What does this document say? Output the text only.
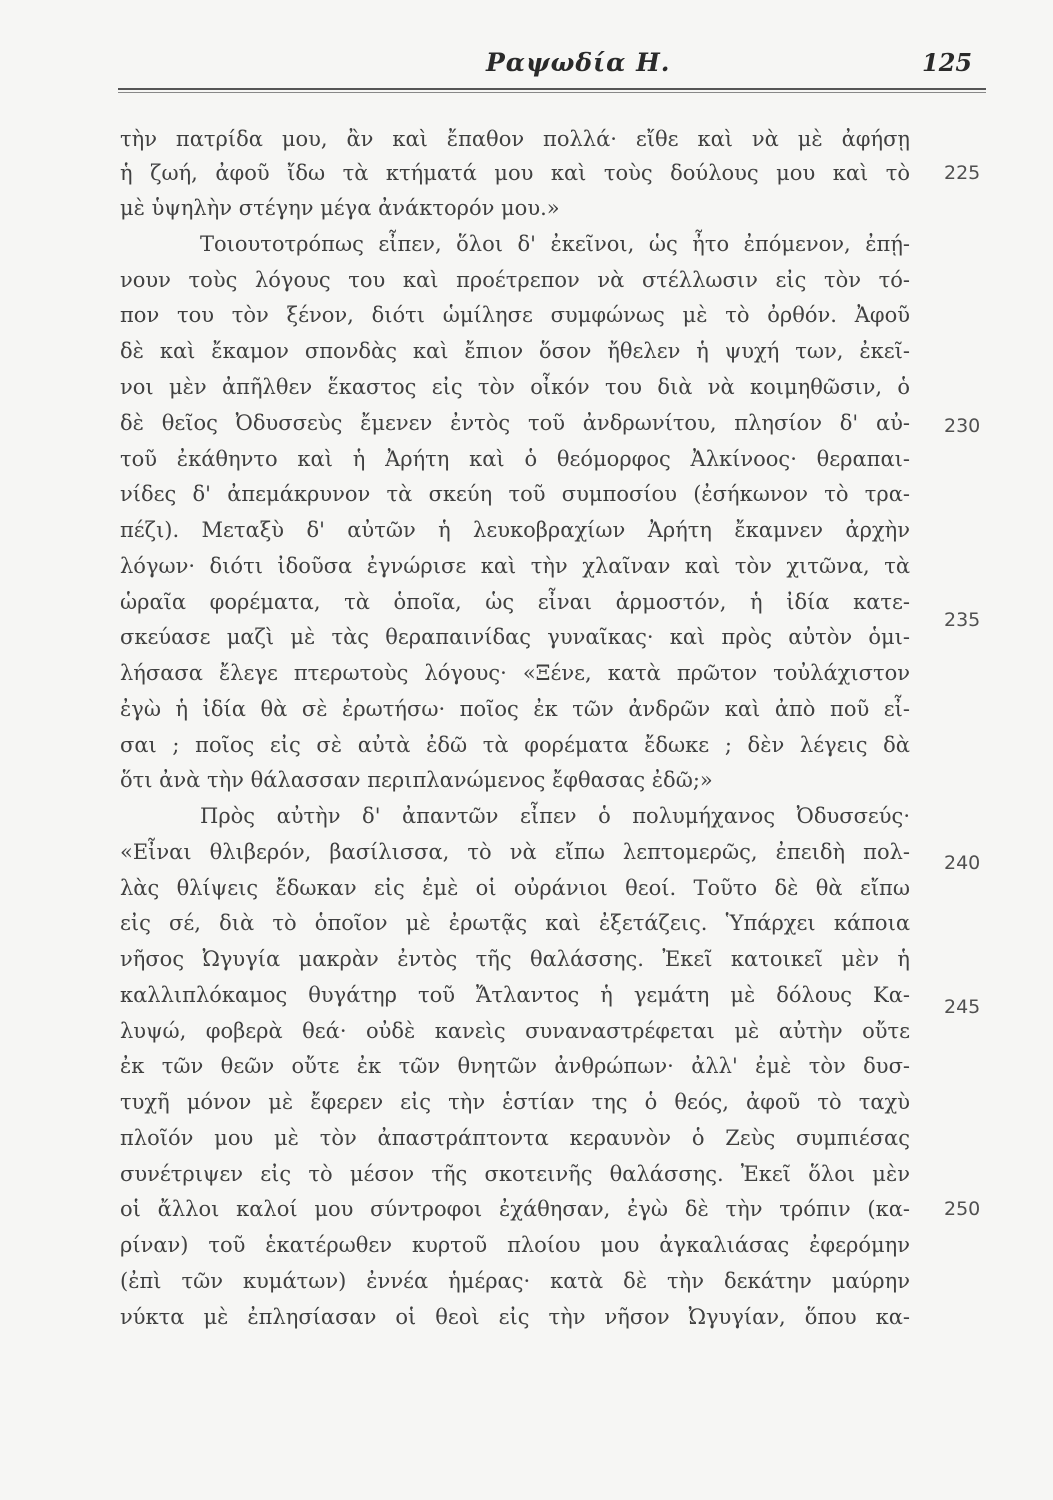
Ραψωδία Η.	125
τὴν πατρίδα μου, ἂν καὶ ἔπαθον πολλά· εἴθε καὶ νὰ μὲ ἀφήσῃ
ἡ ζωή, ἀφοῦ ἴδω τὰ κτήματά μου καὶ τοὺς δούλους μου καὶ τὸ
μὲ ὑψηλὴν στέγην μέγα ἀνάκτορόν μου.»
Τοιουτοτρόπως εἶπεν, ὅλοι δ' ἐκεῖνοι, ὡς ἦτο ἐπόμενον, ἐπῄ-
νουν τοὺς λόγους του καὶ προέτρεπον νὰ στέλλωσιν εἰς τὸν τό-
πον του τὸν ξένον, διότι ὡμίλησε συμφώνως μὲ τὸ ὀρθόν. Ἀφοῦ
δὲ καὶ ἔκαμον σπονδὰς καὶ ἔπιον ὅσον ἤθελεν ἡ ψυχή των, ἐκεῖ-
νοι μὲν ἀπῆλθεν ἕκαστος εἰς τὸν οἶκόν του διὰ νὰ κοιμηθῶσιν, ὁ
δὲ θεῖος Ὀδυσσεὺς ἔμενεν ἐντὸς τοῦ ἀνδρωνίτου, πλησίον δ' αὐ-
τοῦ ἐκάθηντο καὶ ἡ Ἀρήτη καὶ ὁ θεόμορφος Ἀλκίνοος· θεραπαι-
νίδες δ' ἀπεμάκρυνον τὰ σκεύη τοῦ συμποσίου (ἐσήκωνον τὸ τρα-
πέζι). Μεταξὺ δ' αὐτῶν ἡ λευκοβραχίων Ἀρήτη ἔκαμνεν ἀρχὴν
λόγων· διότι ἰδοῦσα ἐγνώρισε καὶ τὴν χλαῖναν καὶ τὸν χιτῶνα, τὰ
ὡραῖα φορέματα, τὰ ὁποῖα, ὡς εἶναι ἁρμοστόν, ἡ ἰδία κατε-
σκεύασε μαζὶ μὲ τὰς θεραπαινίδας γυναῖκας· καὶ πρὸς αὐτὸν ὁμι-
λήσασα ἔλεγε πτερωτοὺς λόγους· «Ξένε, κατὰ πρῶτον τοὐλάχιστον
ἐγὼ ἡ ἰδία θὰ σὲ ἐρωτήσω· ποῖος ἐκ τῶν ἀνδρῶν καὶ ἀπὸ ποῦ εἶ-
σαι ; ποῖος εἰς σὲ αὐτὰ ἐδῶ τὰ φορέματα ἔδωκε ; δὲν λέγεις δὰ
ὅτι ἀνὰ τὴν θάλασσαν περιπλανώμενος ἔφθασας ἐδῶ;»
Πρὸς αὐτὴν δ' ἀπαντῶν εἶπεν ὁ πολυμήχανος Ὀδυσσεύς·
«Εἶναι θλιβερόν, βασίλισσα, τὸ νὰ εἴπω λεπτομερῶς, ἐπειδὴ πολ-
λὰς θλίψεις ἔδωκαν εἰς ἐμὲ οἱ οὐράνιοι θεοί. Τοῦτο δὲ θὰ εἴπω
εἰς σέ, διὰ τὸ ὁποῖον μὲ ἐρωτᾷς καὶ ἐξετάζεις. Ὑπάρχει κάποια
νῆσος Ὠγυγία μακρὰν ἐντὸς τῆς θαλάσσης. Ἐκεῖ κατοικεῖ μὲν ἡ
καλλιπλόκαμος θυγάτηρ τοῦ Ἄτλαντος ἡ γεμάτη μὲ δόλους Κα-
λυψώ, φοβερὰ θεά· οὐδὲ κανεὶς συναναστρέφεται μὲ αὐτὴν οὔτε
ἐκ τῶν θεῶν οὔτε ἐκ τῶν θνητῶν ἀνθρώπων· ἀλλ' ἐμὲ τὸν δυσ-
τυχῆ μόνον μὲ ἔφερεν εἰς τὴν ἑστίαν της ὁ θεός, ἀφοῦ τὸ ταχὺ
πλοῖόν μου μὲ τὸν ἀπαστράπτοντα κεραυνὸν ὁ Ζεὺς συμπιέσας
συνέτριψεν εἰς τὸ μέσον τῆς σκοτεινῆς θαλάσσης. Ἐκεῖ ὅλοι μὲν
οἱ ἄλλοι καλοί μου σύντροφοι ἐχάθησαν, ἐγὼ δὲ τὴν τρόπιν (κα-
ρίναν) τοῦ ἑκατέρωθεν κυρτοῦ πλοίου μου ἀγκαλιάσας ἐφερόμην
(ἐπὶ τῶν κυμάτων) ἐννέα ἡμέρας· κατὰ δὲ τὴν δεκάτην μαύρην
νύκτα μὲ ἐπλησίασαν οἱ θεοὶ εἰς τὴν νῆσον Ὠγυγίαν, ὅπου κα-
225
230
235
240
245
250
